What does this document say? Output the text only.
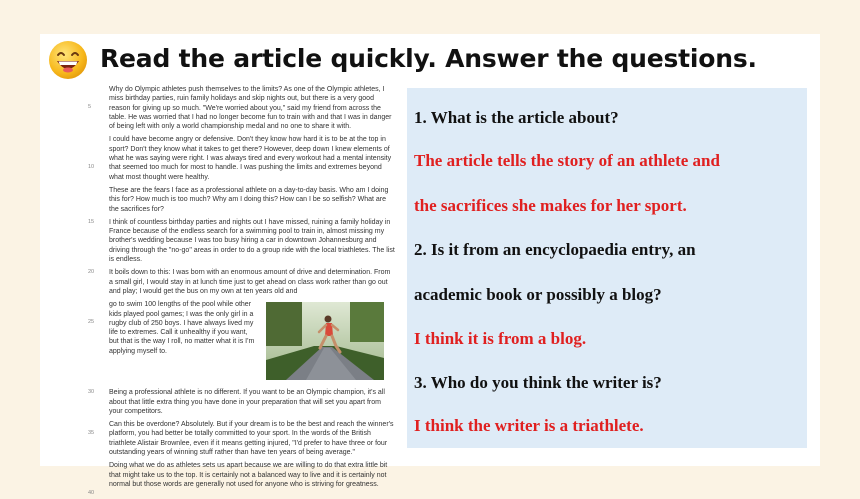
Read the article quickly. Answer the questions.

5
Why do Olympic athletes push themselves to the limits? As one of the Olympic athletes, I miss birthday parties, ruin family holidays and skip nights out, but there is a very good reason for giving up so much. "We're worried about you," said my friend from across the table. He was worried that I had no longer become fun to train with and that I was in danger of being left with only a world championship medal and no one to share it with.

10
I could have become angry or defensive. Don't they know how hard it is to be at the top in sport? Don't they know what it takes to get there? However, deep down I knew elements of what he was saying were right. I was always tired and every workout had a mental intensity that seemed too much for most to handle. I was pushing the limits and extremes beyond what most thought were healthy.

These are the fears I face as a professional athlete on a day-to-day basis. Who am I doing this for? How much is too much? Why am I doing this? How can I be so selfish? What are the sacrifices for?

15 I think of countless birthday parties and nights out I have missed, ruining a family holiday in France because of the endless search for a swimming pool to train in, almost missing my brother's wedding because I was too busy hiring a car in downtown Johannesburg and driving through the "no-go" areas in order to do a group ride with the local triathletes. The list is endless.

20 It boils down to this: I was born with an enormous amount of drive and determination. From a small girl, I would stay in at lunch time just to get ahead on class work rather than go out and play; I would get the bus on my own at ten years old and

25
go to swim 100 lengths of the pool while other kids played pool games; I was the only girl in a rugby club of 250 boys. I have always lived my life to extremes. Call it unhealthy if you want, but that is the way I roll, no matter what it is I'm applying myself to.

30 Being a professional athlete is no different. If you want to be an Olympic champion, it's all about that little extra thing you have done in your preparation that will set you apart from your competitors.

35
Can this be overdone? Absolutely. But if your dream is to be the best and reach the winner's platform, you had better be totally committed to your sport. In the words of the British triathlete Alistair Brownlee, even if it means getting injured, "I'd prefer to have three or four outstanding years of winning stuff rather than have ten years of being average."

40
Doing what we do as athletes sets us apart because we are willing to do that extra little bit that might take us to the top. It is certainly not a balanced way to live and it is certainly not normal but those words are generally not used for anyone who is striving for greatness.

1. What is the article about?
The article tells the story of an athlete and
the sacrifices she makes for her sport.
2. Is it from an encyclopaedia entry, an
academic book or possibly a blog?
I think it is from a blog.
3. Who do you think the writer is?
I think the writer is a triathlete.
